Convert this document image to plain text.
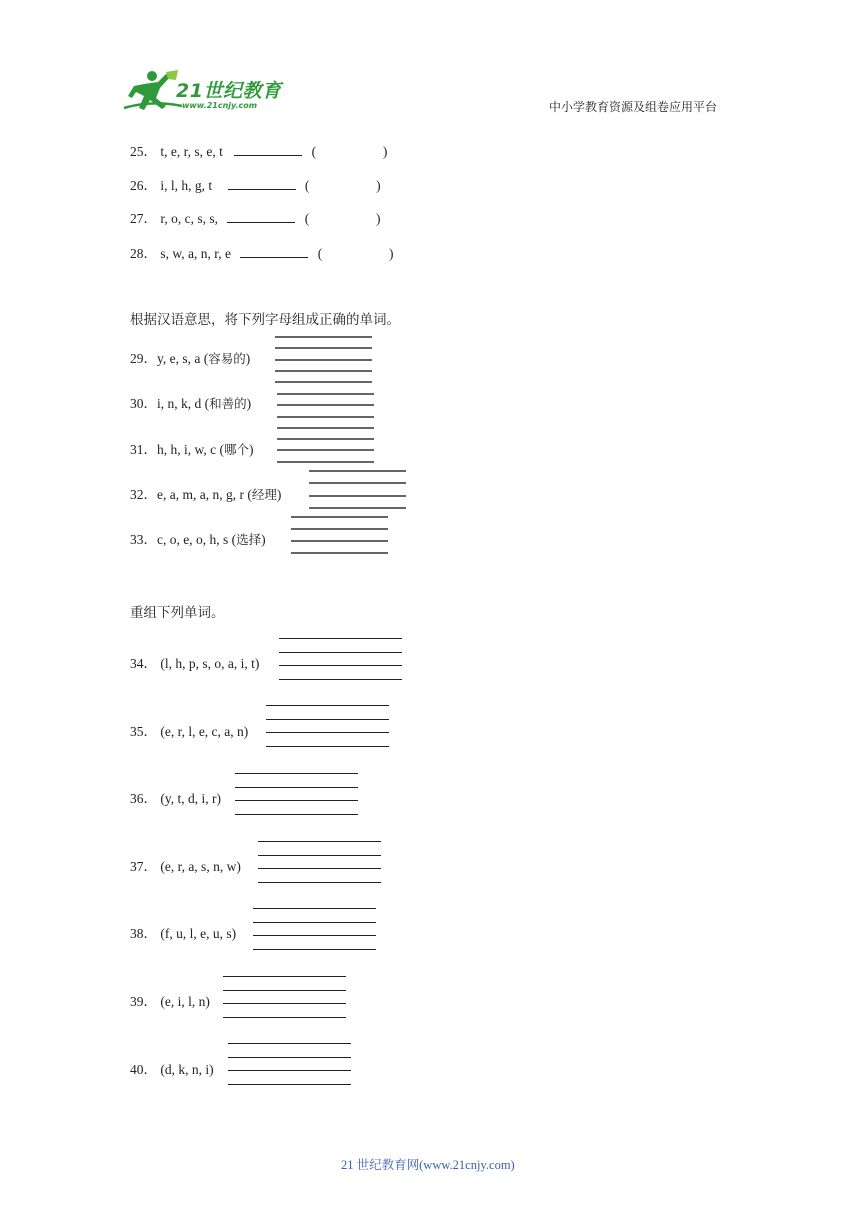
21世纪教育
www.21cnjy.com	中小学教育资源及组卷应用平台
25． t, e, r, s, e, t	(	)
26． i, l, h, g, t	(	)
27． r, o, c, s, s,	(	)
28． s, w, a, n, r, e	(	)
根据汉语意思，将下列字母组成正确的单词。
29．y, e, s, a (容易的)
30．i, n, k, d (和善的)
31．h, h, i, w, c (哪个)
32．e, a, m, a, n, g, r (经理)
33．c, o, e, o, h, s (选择)
重组下列单词。
34． (l, h, p, s, o, a, i, t)
35． (e, r, l, e, c, a, n)
36． (y, t, d, i, r)
37． (e, r, a, s, n, w)
38． (f, u, l, e, u, s)
39． (e, i, l, n)
40． (d, k, n, i)
21 世纪教育网(www.21cnjy.com)
